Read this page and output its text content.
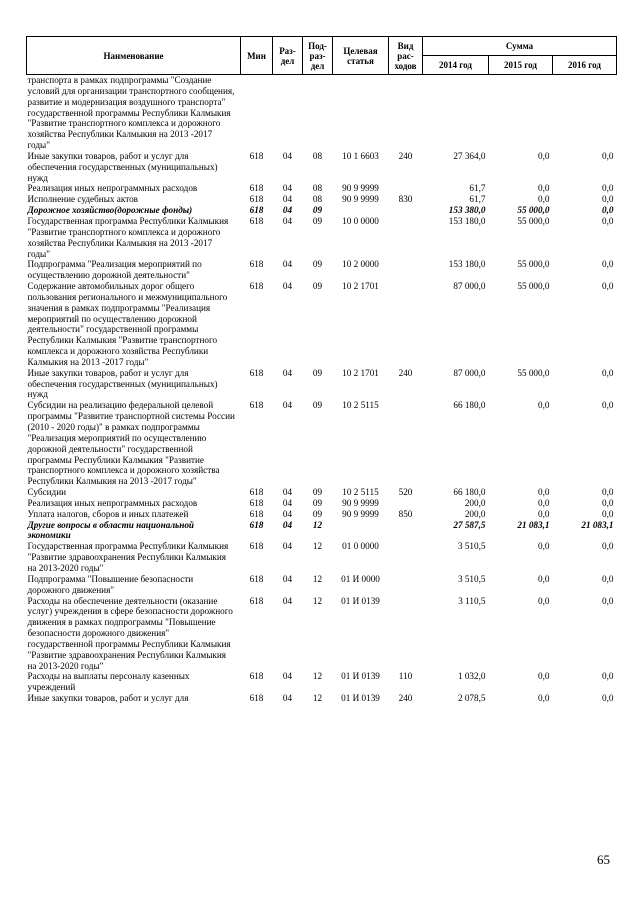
Наименование	Мин	Раз- дел	Под- раз- дел	Целевая статья	Вид рас- ходов	Сумма		
						2014 год	2015 год	2016 год
транспорта в рамках подпрограммы "Создание условий для организации транспортного сообщения, развитие и модернизация воздушного транспорта" государственной программы Республики Калмыкия "Развитие транспортного комплекса и дорожного хозяйства Республики Калмыкия на 2013 -2017 годы"								
Иные закупки товаров, работ и услуг для обеспечения государственных (муниципальных) нужд	618	04	08	10 1 6603	240	27 364,0	0,0	0,0
Реализация иных непрограммных расходов	618	04	08	90 9 9999		61,7	0,0	0,0
Исполнение судебных актов	618	04	08	90 9 9999	830	61,7	0,0	0,0
Дорожное хозяйство(дорожные фонды)	618	04	09			153 380,0	55 000,0	0,0
Государственная программа Республики Калмыкия "Развитие транспортного комплекса и дорожного хозяйства Республики Калмыкия на 2013 -2017 годы"	618	04	09	10 0 0000		153 180,0	55 000,0	0,0
Подпрограмма "Реализация мероприятий по осуществлению дорожной деятельности"	618	04	09	10 2 0000		153 180,0	55 000,0	0,0
Содержание автомобильных дорог общего пользования регионального и межмуниципального значения в рамках подпрограммы "Реализация мероприятий по осуществлению дорожной деятельности" государственной программы Республики Калмыкия "Развитие транспортного комплекса и дорожного хозяйства Республики Калмыкия на 2013 -2017 годы"	618	04	09	10 2 1701		87 000,0	55 000,0	0,0
Иные закупки товаров, работ и услуг для обеспечения государственных (муниципальных) нужд	618	04	09	10 2 1701	240	87 000,0	55 000,0	0,0
Субсидии на реализацию федеральной целевой программы "Развитие транспортной системы России (2010 - 2020 годы)" в рамках подпрограммы "Реализация мероприятий по осуществлению дорожной деятельности" государственной программы Республики Калмыкия "Развитие транспортного комплекса и дорожного хозяйства Республики Калмыкия на 2013 -2017 годы"	618	04	09	10 2 5115		66 180,0	0,0	0,0
Субсидии	618	04	09	10 2 5115	520	66 180,0	0,0	0,0
Реализация иных непрограммных расходов	618	04	09	90 9 9999		200,0	0,0	0,0
Уплата налогов, сборов и иных платежей	618	04	09	90 9 9999	850	200,0	0,0	0,0
Другие вопросы в области национальной экономики	618	04	12			27 587,5	21 083,1	21 083,1
Государственная программа Республики Калмыкия "Развитие здравоохранения Республики Калмыкия на 2013-2020 годы"	618	04	12	01 0 0000		3 510,5	0,0	0,0
Подпрограмма "Повышение безопасности дорожного движения"	618	04	12	01 И 0000		3 510,5	0,0	0,0
Расходы на обеспечение деятельности (оказание услуг) учреждения в сфере безопасности дорожного движения в рамках подпрограммы "Повышение безопасности дорожного движения" государственной программы Республики Калмыкия "Развитие здравоохранения Республики Калмыкия на 2013-2020 годы"	618	04	12	01 И 0139		3 110,5	0,0	0,0
Расходы на выплаты персоналу казенных учреждений	618	04	12	01 И 0139	110	1 032,0	0,0	0,0
Иные закупки товаров, работ и услуг для	618	04	12	01 И 0139	240	2 078,5	0,0	0,0
65
